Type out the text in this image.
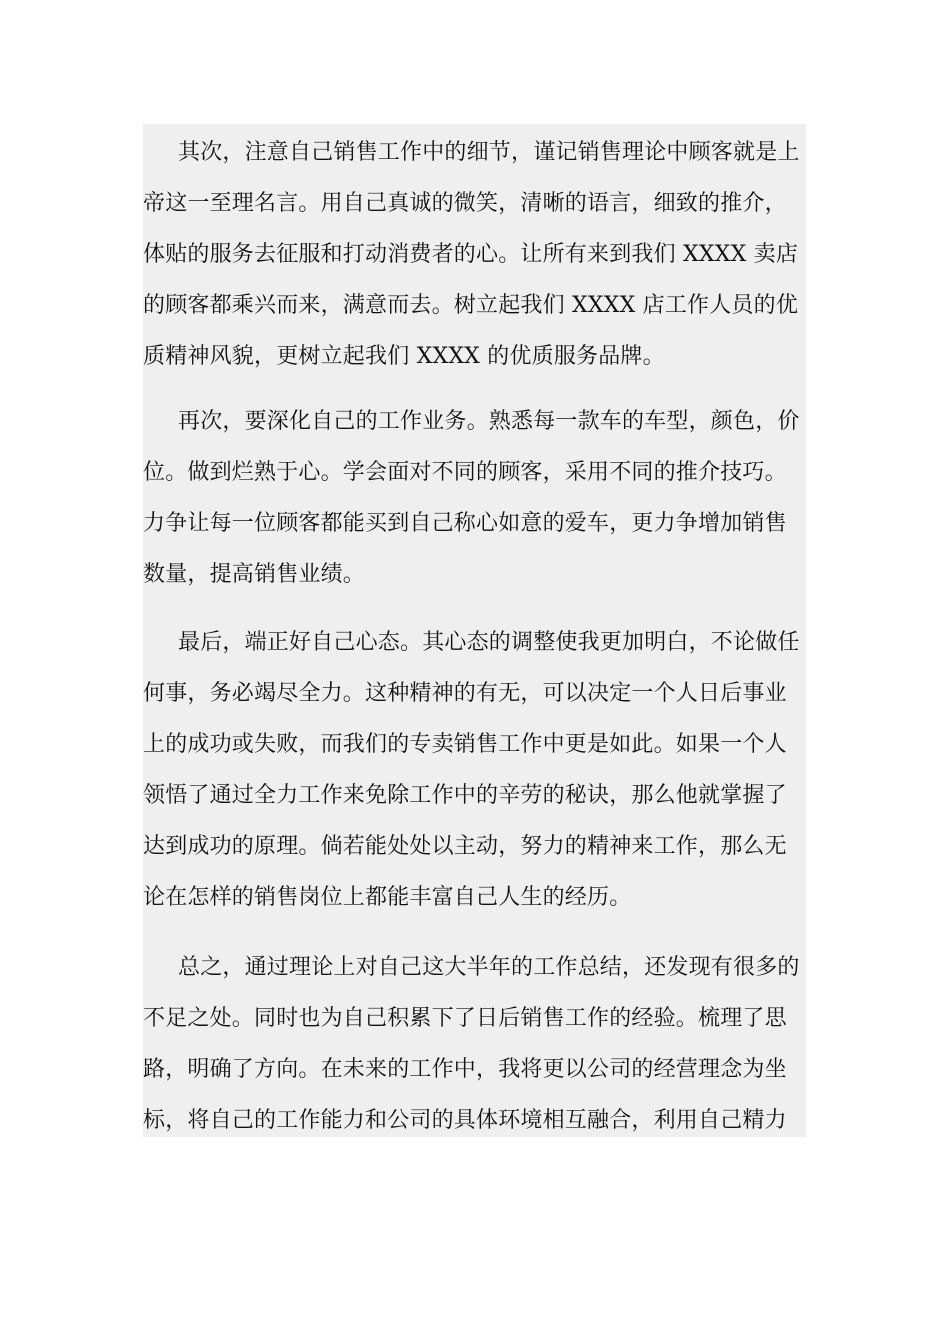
其次，注意自己销售工作中的细节，谨记销售理论中顾客就是上
帝这一至理名言。用自己真诚的微笑，清晰的语言，细致的推介，
体贴的服务去征服和打动消费者的心。让所有来到我们 XXXX 卖店
的顾客都乘兴而来，满意而去。树立起我们 XXXX 店工作人员的优
质精神风貌，更树立起我们 XXXX 的优质服务品牌。
再次，要深化自己的工作业务。熟悉每一款车的车型，颜色，价
位。做到烂熟于心。学会面对不同的顾客，采用不同的推介技巧。
力争让每一位顾客都能买到自己称心如意的爱车，更力争增加销售
数量，提高销售业绩。
最后，端正好自己心态。其心态的调整使我更加明白，不论做任
何事，务必竭尽全力。这种精神的有无，可以决定一个人日后事业
上的成功或失败，而我们的专卖销售工作中更是如此。如果一个人
领悟了通过全力工作来免除工作中的辛劳的秘诀，那么他就掌握了
达到成功的原理。倘若能处处以主动，努力的精神来工作，那么无
论在怎样的销售岗位上都能丰富自己人生的经历。
总之，通过理论上对自己这大半年的工作总结，还发现有很多的
不足之处。同时也为自己积累下了日后销售工作的经验。梳理了思
路，明确了方向。在未来的工作中，我将更以公司的经营理念为坐
标，将自己的工作能力和公司的具体环境相互融合，利用自己精力
